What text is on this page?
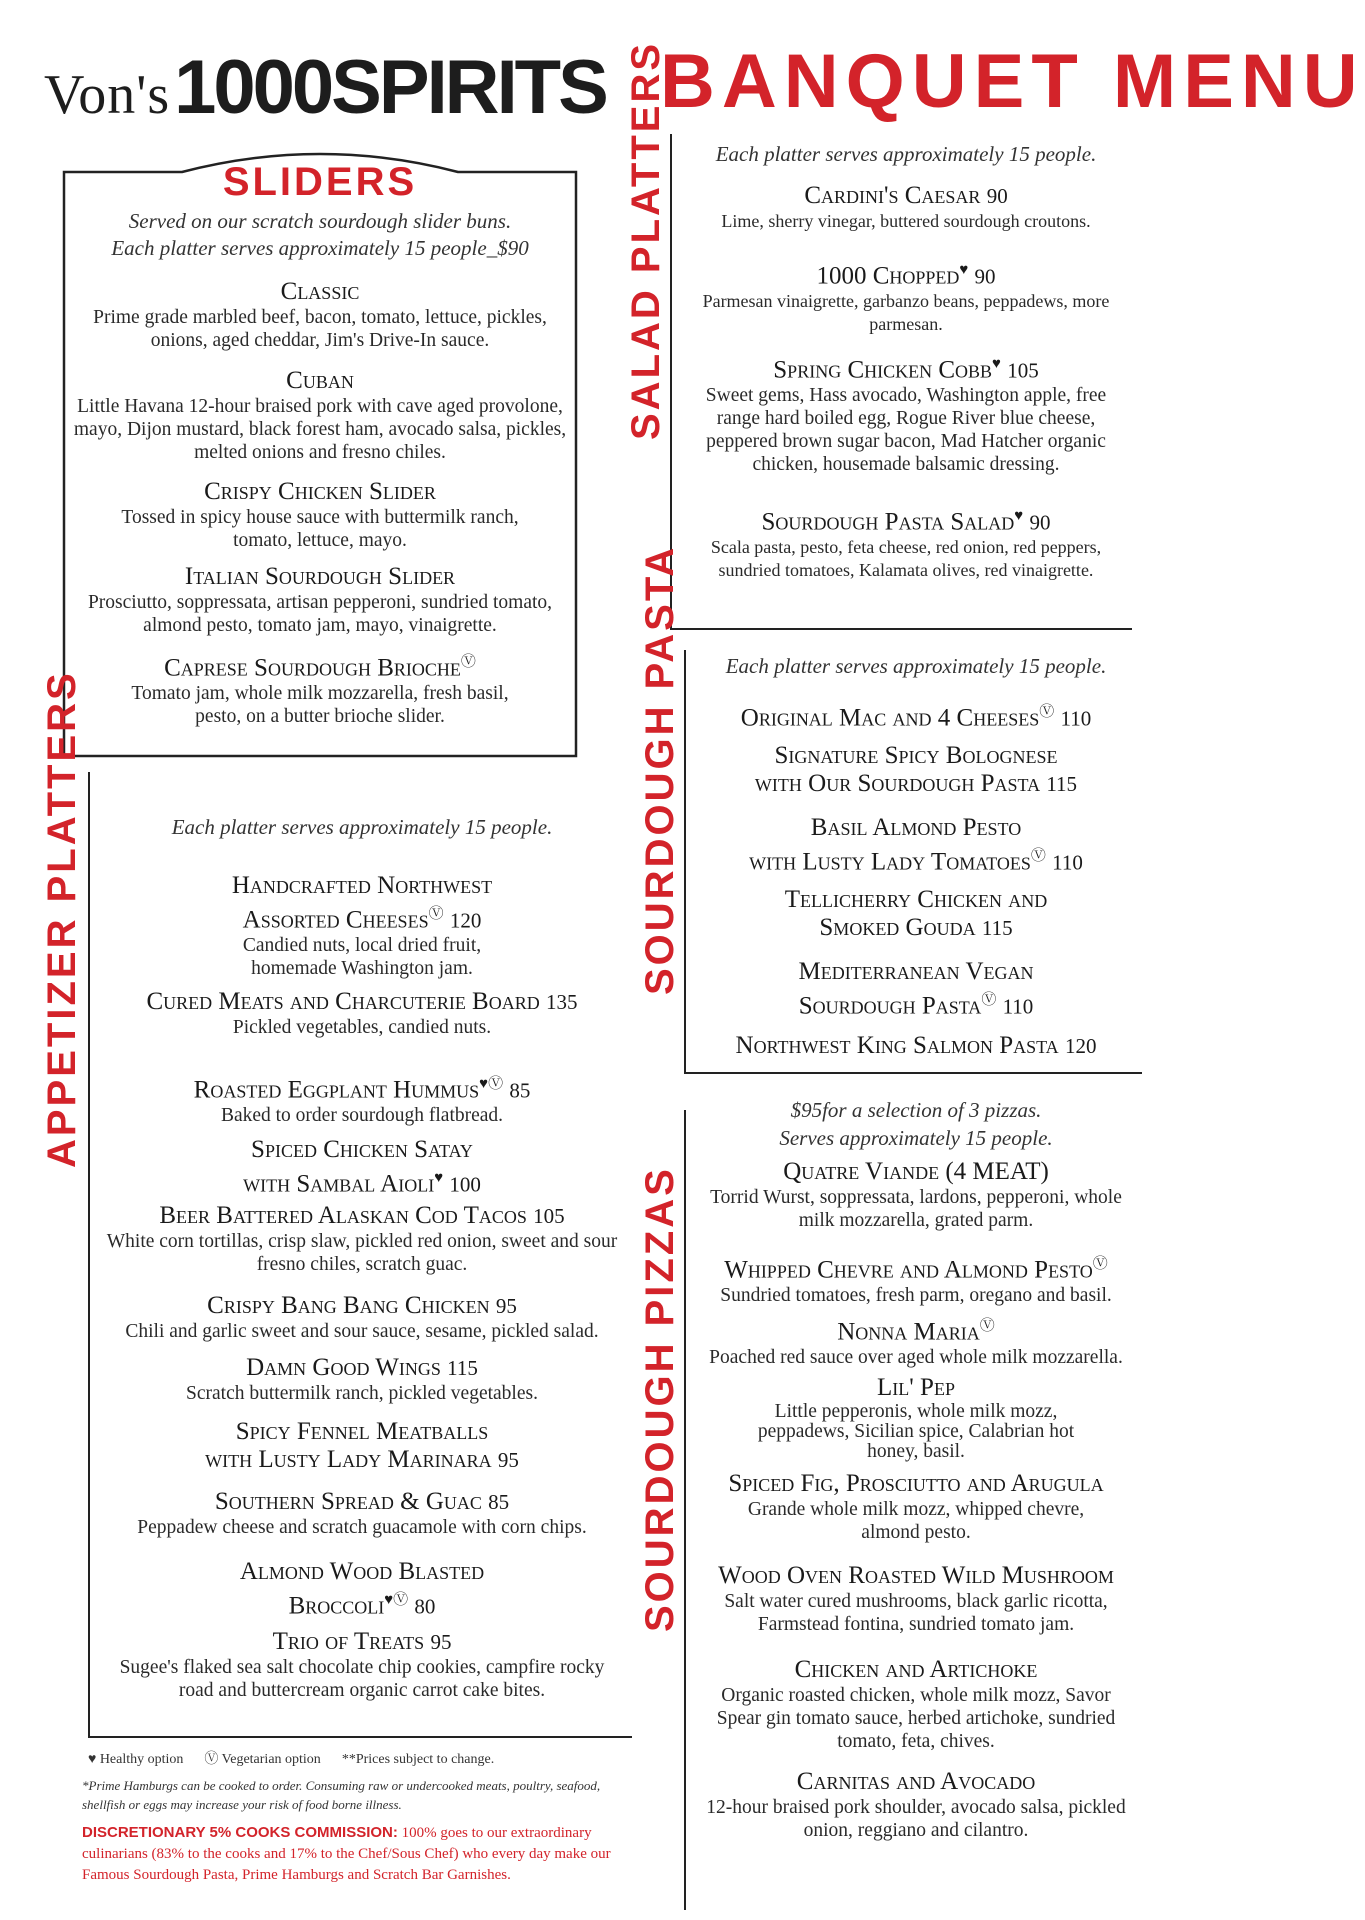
Von's 1000SPIRITS BANQUET MENU
SLIDERS
Served on our scratch sourdough slider buns.
Each platter serves approximately 15 people_$90
Classic
Prime grade marbled beef, bacon, tomato, lettuce, pickles, onions, aged cheddar, Jim's Drive-In sauce.
Cuban
Little Havana 12-hour braised pork with cave aged provolone, mayo, Dijon mustard, black forest ham, avocado salsa, pickles, melted onions and fresno chiles.
Crispy Chicken Slider
Tossed in spicy house sauce with buttermilk ranch, tomato, lettuce, mayo.
Italian Sourdough Slider
Prosciutto, soppressata, artisan pepperoni, sundried tomato, almond pesto, tomato jam, mayo, vinaigrette.
Caprese Sourdough BriocheⓋ
Tomato jam, whole milk mozzarella, fresh basil, pesto, on a butter brioche slider.
APPETIZER PLATTERS	Each platter serves approximately 15 people.
Handcrafted Northwest
Assorted CheesesⓋ 120
Candied nuts, local dried fruit, homemade Washington jam.
Cured Meats and Charcuterie Board 135
Pickled vegetables, candied nuts.
Roasted Eggplant Hummus♥Ⓥ 85
Baked to order sourdough flatbread.
Spiced Chicken Satay
with Sambal Aioli♥ 100
Beer Battered Alaskan Cod Tacos 105
White corn tortillas, crisp slaw, pickled red onion, sweet and sour fresno chiles, scratch guac.
Crispy Bang Bang Chicken 95
Chili and garlic sweet and sour sauce, sesame, pickled salad.
Damn Good Wings 115
Scratch buttermilk ranch, pickled vegetables.
Spicy Fennel Meatballs
with Lusty Lady Marinara 95
Southern Spread & Guac 85
Peppadew cheese and scratch guacamole with corn chips.
Almond Wood Blasted
Broccoli♥Ⓥ 80
Trio of Treats 95
Sugee's flaked sea salt chocolate chip cookies, campfire rocky road and buttercream organic carrot cake bites.
♥ Healthy option Ⓥ Vegetarian option **Prices subject to change.
*Prime Hamburgs can be cooked to order. Consuming raw or undercooked meats, poultry, seafood, shellfish or eggs may increase your risk of food borne illness.
DISCRETIONARY 5% COOKS COMMISSION: 100% goes to our extraordinary culinarians (83% to the cooks and 17% to the Chef/Sous Chef) who every day make our Famous Sourdough Pasta, Prime Hamburgs and Scratch Bar Garnishes.
SALAD PLATTERS	Each platter serves approximately 15 people.
Cardini's Caesar 90
Lime, sherry vinegar, buttered sourdough croutons.
1000 Chopped♥ 90
Parmesan vinaigrette, garbanzo beans, peppadews, more parmesan.
Spring Chicken Cobb♥ 105
Sweet gems, Hass avocado, Washington apple, free range hard boiled egg, Rogue River blue cheese, peppered brown sugar bacon, Mad Hatcher organic chicken, housemade balsamic dressing.
Sourdough Pasta Salad♥ 90
Scala pasta, pesto, feta cheese, red onion, red peppers, sundried tomatoes, Kalamata olives, red vinaigrette.
SOURDOUGH PASTA	Each platter serves approximately 15 people.
Original Mac and 4 CheesesⓋ 110
Signature Spicy Bolognese
with Our Sourdough Pasta 115
Basil Almond Pesto
with Lusty Lady TomatoesⓋ 110
Tellicherry Chicken and
Smoked Gouda 115
Mediterranean Vegan
Sourdough PastaⓋ 110
Northwest King Salmon Pasta 120
SOURDOUGH PIZZAS
$95for a selection of 3 pizzas.
Serves approximately 15 people.
Quatre Viande (4 MEAT)
Torrid Wurst, soppressata, lardons, pepperoni, whole milk mozzarella, grated parm.
Whipped Chevre and Almond PestoⓋ
Sundried tomatoes, fresh parm, oregano and basil.
Nonna MariaⓋ
Poached red sauce over aged whole milk mozzarella.
Lil' Pep
Little pepperonis, whole milk mozz, peppadews, Sicilian spice, Calabrian hot honey, basil.
Spiced Fig, Prosciutto and Arugula
Grande whole milk mozz, whipped chevre, almond pesto.
Wood Oven Roasted Wild Mushroom
Salt water cured mushrooms, black garlic ricotta, Farmstead fontina, sundried tomato jam.
Chicken and Artichoke
Organic roasted chicken, whole milk mozz, Savor Spear gin tomato sauce, herbed artichoke, sundried tomato, feta, chives.
Carnitas and Avocado
12-hour braised pork shoulder, avocado salsa, pickled onion, reggiano and cilantro.
